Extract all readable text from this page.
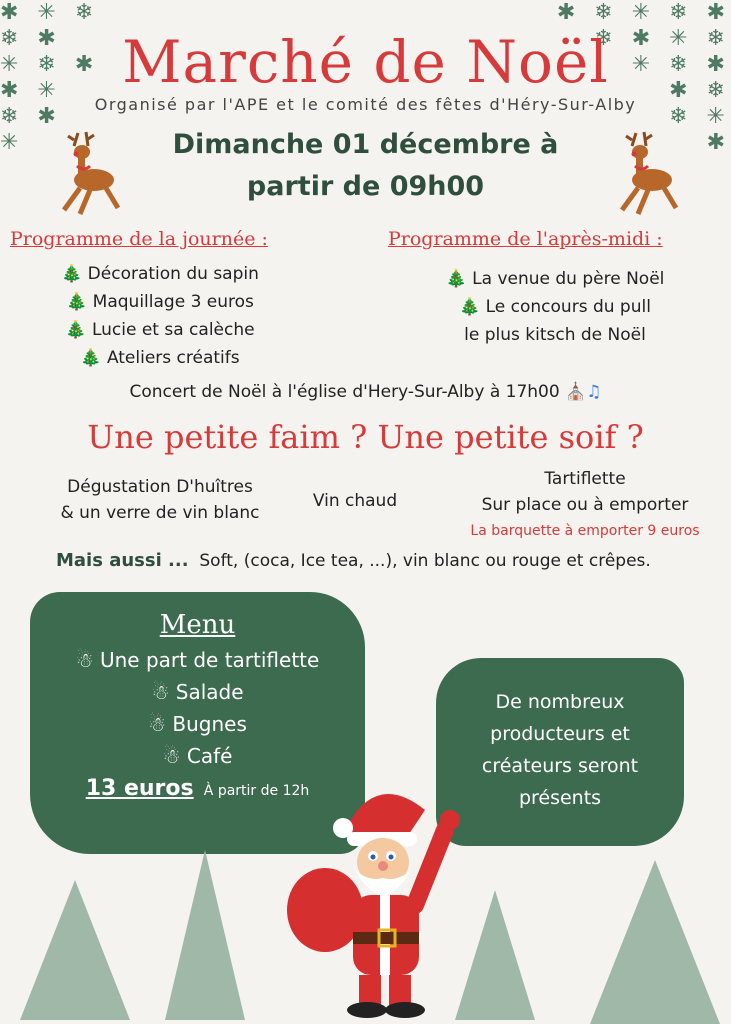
✱ ✳ ❄
❄ ✱
✳ ❄ ✱
✱ ✳
❄ ✱
✳
✱ ❄ ✳ ❄ ✱
❄ ✱ ✳ ❄
✳ ❄ ✱
✱ ❄
❄ ✳
✱
Marché de Noël
Organisé par l'APE et le comité des fêtes d'Héry-Sur-Alby
Dimanche 01 décembre à
partir de 09h00
Programme de la journée :
🎄 Décoration du sapin
🎄 Maquillage 3 euros
🎄 Lucie et sa calèche
🎄 Ateliers créatifs
Programme de l'après-midi :
🎄 La venue du père Noël
🎄 Le concours du pull
le plus kitsch de Noël
Concert de Noël à l'église d'Hery-Sur-Alby à 17h00 ⛪♫
Une petite faim ? Une petite soif ?
Dégustation D'huîtres
& un verre de vin blanc
Vin chaud
Tartiflette
Sur place ou à emporter
La barquette à emporter 9 euros
Mais aussi ... Soft, (coca, Ice tea, ...), vin blanc ou rouge et crêpes.
Menu
☃ Une part de tartiflette
☃ Salade
☃ Bugnes
☃ Café
13 euros À partir de 12h
De nombreux
producteurs et
créateurs seront
présents
